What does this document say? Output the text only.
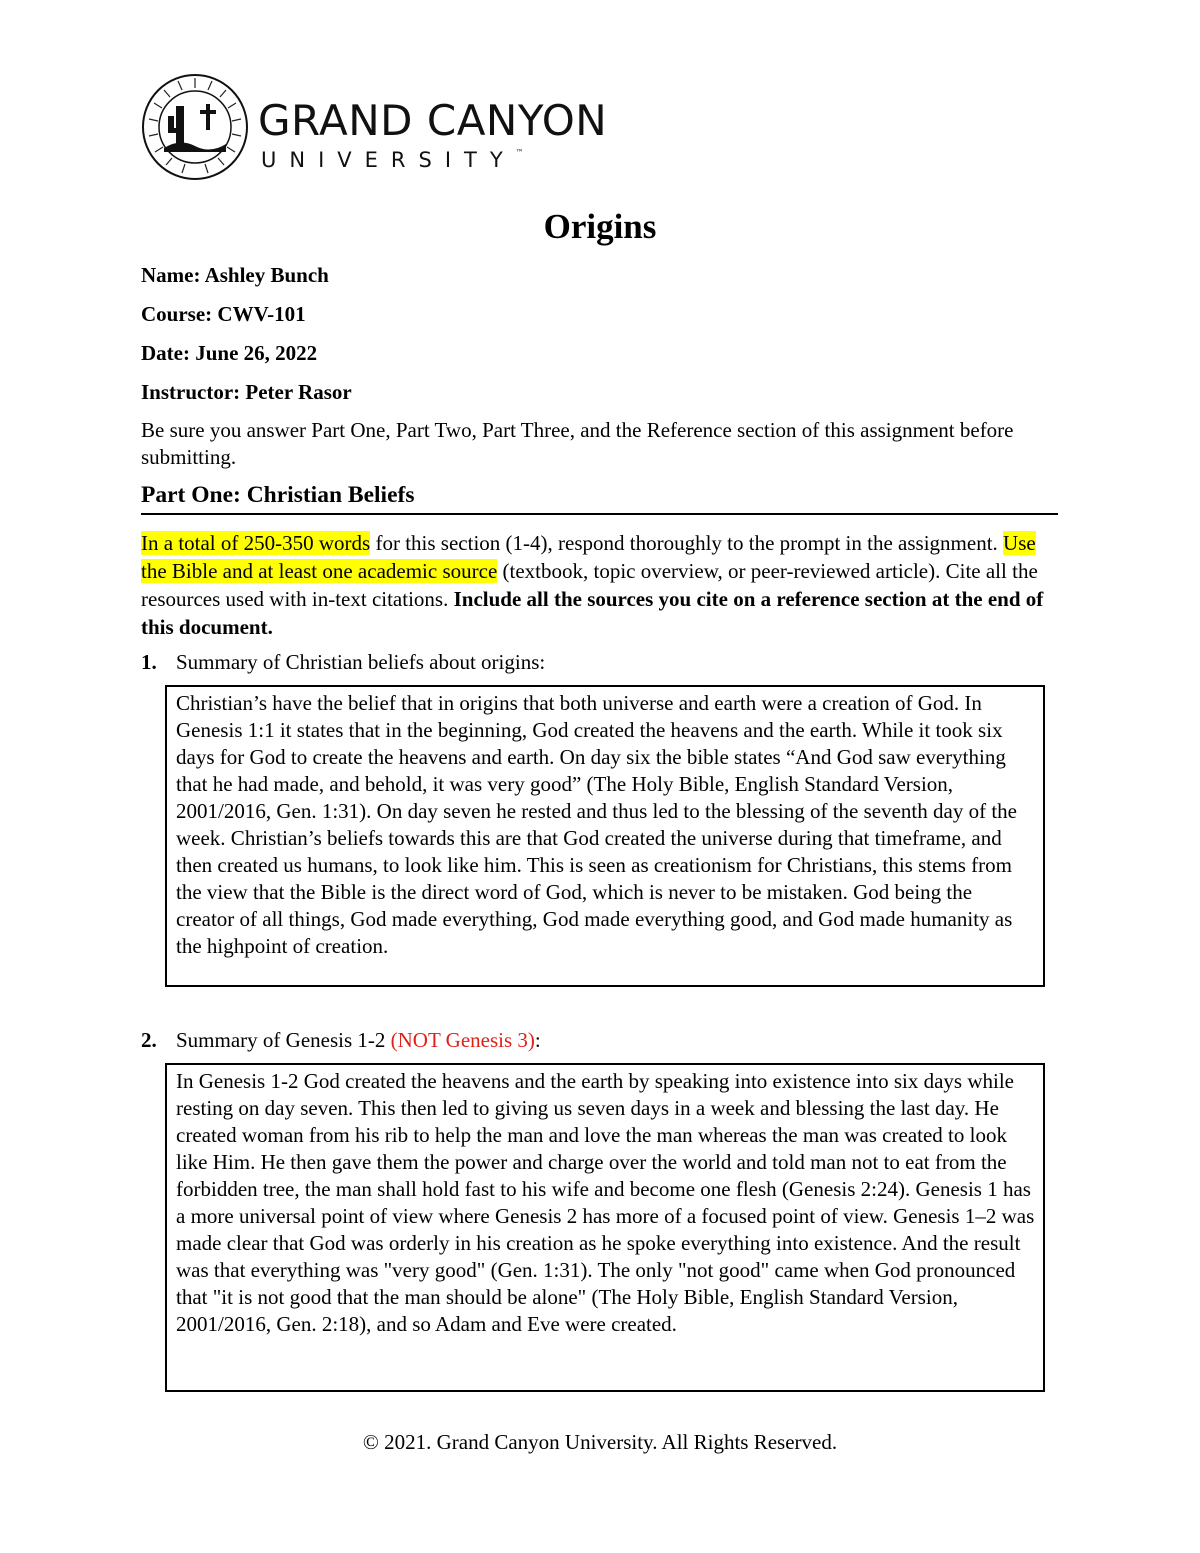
GRAND CANYON
UNIVERSITY™
Origins
Name: Ashley Bunch
Course: CWV-101
Date: June 26, 2022
Instructor: Peter Rasor
Be sure you answer Part One, Part Two, Part Three, and the Reference section of this assignment before submitting.
Part One: Christian Beliefs
In a total of 250-350 words for this section (1-4), respond thoroughly to the prompt in the assignment. Use the Bible and at least one academic source (textbook, topic overview, or peer-reviewed article). Cite all the resources used with in-text citations. Include all the sources you cite on a reference section at the end of this document.
1. Summary of Christian beliefs about origins:
Christian’s have the belief that in origins that both universe and earth were a creation of God. In Genesis 1:1 it states that in the beginning, God created the heavens and the earth. While it took six days for God to create the heavens and earth. On day six the bible states “And God saw everything that he had made, and behold, it was very good” (The Holy Bible, English Standard Version, 2001/2016, Gen. 1:31). On day seven he rested and thus led to the blessing of the seventh day of the week. Christian’s beliefs towards this are that God created the universe during that timeframe, and then created us humans, to look like him. This is seen as creationism for Christians, this stems from the view that the Bible is the direct word of God, which is never to be mistaken. God being the creator of all things, God made everything, God made everything good, and God made humanity as the highpoint of creation.
2. Summary of Genesis 1-2 (NOT Genesis 3):
In Genesis 1-2 God created the heavens and the earth by speaking into existence into six days while resting on day seven. This then led to giving us seven days in a week and blessing the last day. He created woman from his rib to help the man and love the man whereas the man was created to look like Him. He then gave them the power and charge over the world and told man not to eat from the forbidden tree, the man shall hold fast to his wife and become one flesh (Genesis 2:24). Genesis 1 has a more universal point of view where Genesis 2 has more of a focused point of view. Genesis 1–2 was made clear that God was orderly in his creation as he spoke everything into existence. And the result was that everything was "very good" (Gen. 1:31). The only "not good" came when God pronounced that "it is not good that the man should be alone" (The Holy Bible, English Standard Version, 2001/2016, Gen. 2:18), and so Adam and Eve were created.
© 2021. Grand Canyon University. All Rights Reserved.
